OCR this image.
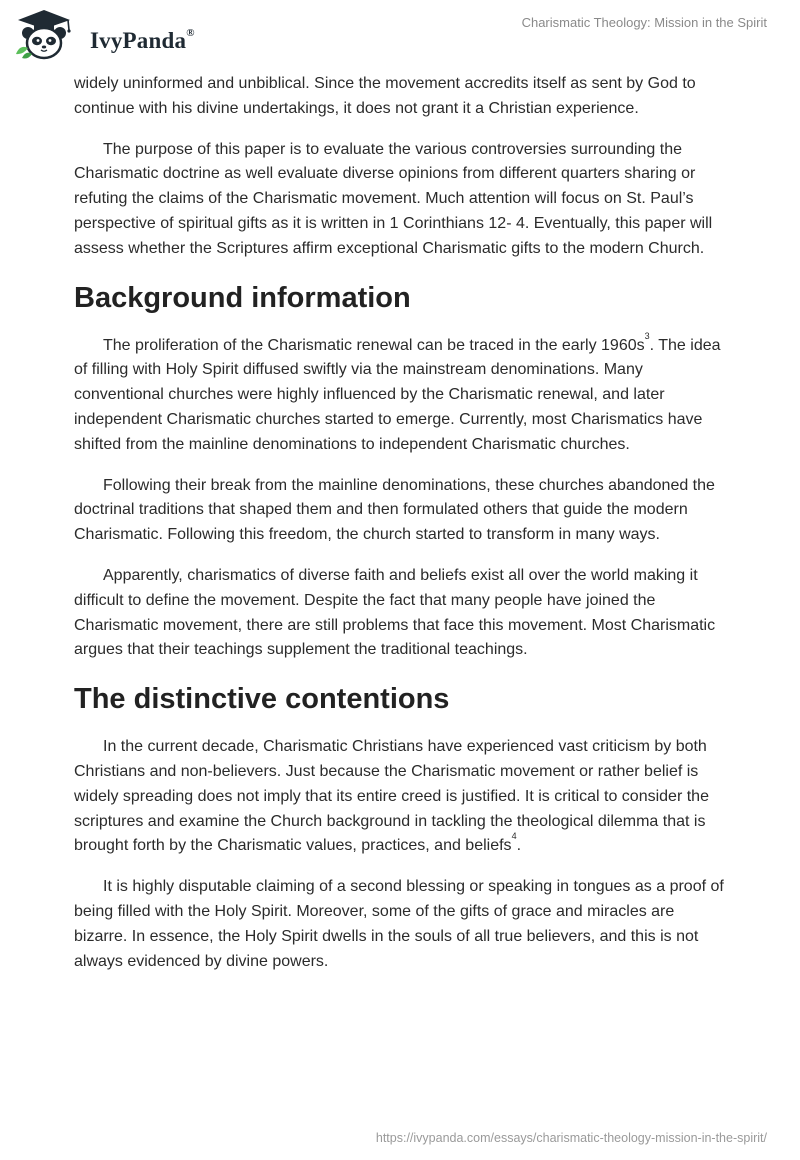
IvyPanda®
Charismatic Theology: Mission in the Spirit

widely uninformed and unbiblical. Since the movement accredits itself as sent by God to continue with his divine undertakings, it does not grant it a Christian experience.

The purpose of this paper is to evaluate the various controversies surrounding the Charismatic doctrine as well evaluate diverse opinions from different quarters sharing or refuting the claims of the Charismatic movement. Much attention will focus on St. Paul’s perspective of spiritual gifts as it is written in 1 Corinthians 12- 4. Eventually, this paper will assess whether the Scriptures affirm exceptional Charismatic gifts to the modern Church.

Background information

The proliferation of the Charismatic renewal can be traced in the early 1960s$^3$. The idea of filling with Holy Spirit diffused swiftly via the mainstream denominations. Many conventional churches were highly influenced by the Charismatic renewal, and later independent Charismatic churches started to emerge. Currently, most Charismatics have shifted from the mainline denominations to independent Charismatic churches.

Following their break from the mainline denominations, these churches abandoned the doctrinal traditions that shaped them and then formulated others that guide the modern Charismatic. Following this freedom, the church started to transform in many ways.

Apparently, charismatics of diverse faith and beliefs exist all over the world making it difficult to define the movement. Despite the fact that many people have joined the Charismatic movement, there are still problems that face this movement. Most Charismatic argues that their teachings supplement the traditional teachings.

The distinctive contentions

In the current decade, Charismatic Christians have experienced vast criticism by both Christians and non-believers. Just because the Charismatic movement or rather belief is widely spreading does not imply that its entire creed is justified. It is critical to consider the scriptures and examine the Church background in tackling the theological dilemma that is brought forth by the Charismatic values, practices, and beliefs$^4$.

It is highly disputable claiming of a second blessing or speaking in tongues as a proof of being filled with the Holy Spirit. Moreover, some of the gifts of grace and miracles are bizarre. In essence, the Holy Spirit dwells in the souls of all true believers, and this is not always evidenced by divine powers.

https://ivypanda.com/essays/charismatic-theology-mission-in-the-spirit/
